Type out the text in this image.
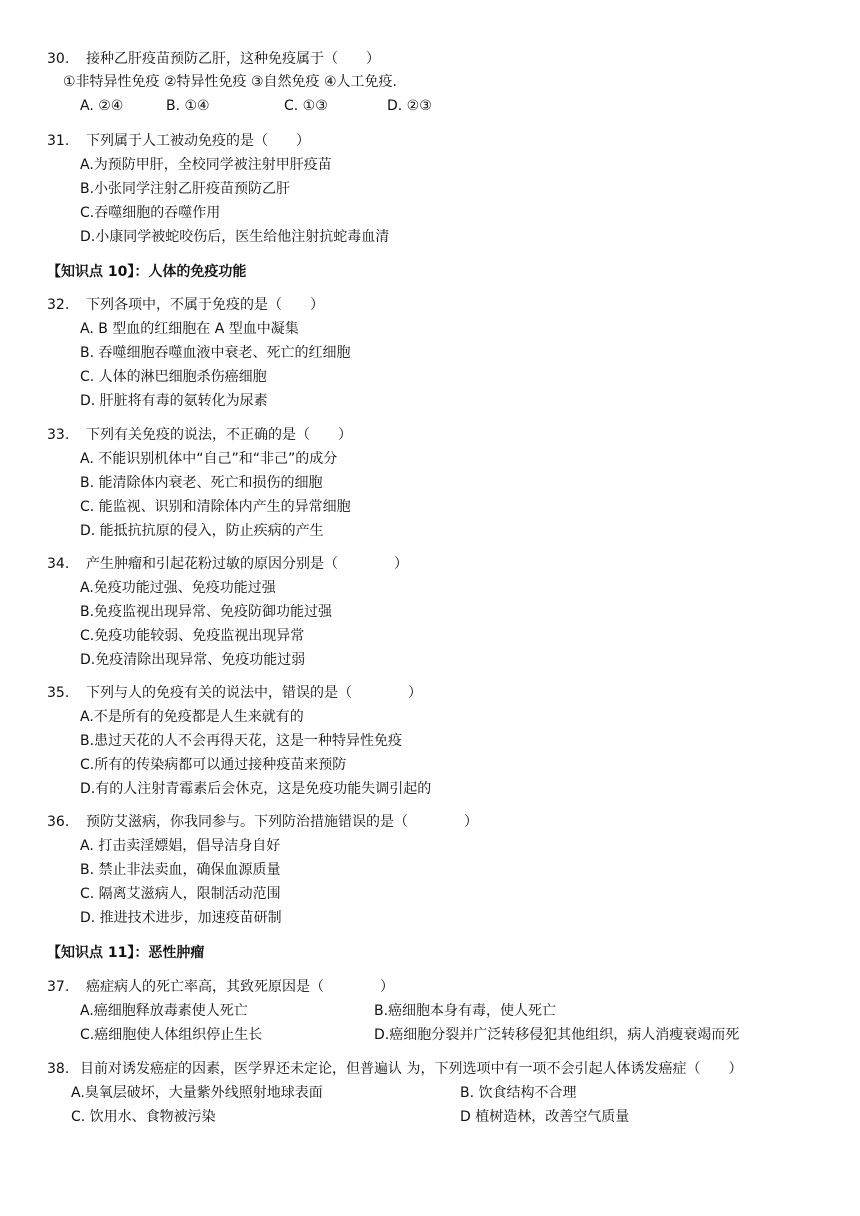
30. 接种乙肝疫苗预防乙肝，这种免疫属于（　　）
①非特异性免疫 ②特异性免疫 ③自然免疫 ④人工免疫.
A. ②④	B. ①④	C. ①③	D. ②③
31. 下列属于人工被动免疫的是（　　）
A.为预防甲肝，全校同学被注射甲肝疫苗
B.小张同学注射乙肝疫苗预防乙肝
C.吞噬细胞的吞噬作用
D.小康同学被蛇咬伤后，医生给他注射抗蛇毒血清
【知识点 10】：人体的免疫功能
32. 下列各项中，不属于免疫的是（　　）
A. B 型血的红细胞在 A 型血中凝集
B. 吞噬细胞吞噬血液中衰老、死亡的红细胞
C. 人体的淋巴细胞杀伤癌细胞
D. 肝脏将有毒的氨转化为尿素
33. 下列有关免疫的说法，不正确的是（　　）
A. 不能识别机体中“自己”和“非己”的成分
B. 能清除体内衰老、死亡和损伤的细胞
C. 能监视、识别和清除体内产生的异常细胞
D. 能抵抗抗原的侵入，防止疾病的产生
34. 产生肿瘤和引起花粉过敏的原因分别是（　　　　）
A.免疫功能过强、免疫功能过强
B.免疫监视出现异常、免疫防御功能过强
C.免疫功能较弱、免疫监视出现异常
D.免疫清除出现异常、免疫功能过弱
35. 下列与人的免疫有关的说法中，错误的是（　　　　）
A.不是所有的免疫都是人生来就有的
B.患过天花的人不会再得天花，这是一种特异性免疫
C.所有的传染病都可以通过接种疫苗来预防
D.有的人注射青霉素后会休克，这是免疫功能失调引起的
36. 预防艾滋病，你我同参与。下列防治措施错误的是（　　　　）
A. 打击卖淫嫖娼，倡导洁身自好
B. 禁止非法卖血，确保血源质量
C. 隔离艾滋病人，限制活动范围
D. 推进技术进步，加速疫苗研制
【知识点 11】：恶性肿瘤
37. 癌症病人的死亡率高，其致死原因是（　　　　）
A.癌细胞释放毒素使人死亡	B.癌细胞本身有毒，使人死亡
C.癌细胞使人体组织停止生长	D.癌细胞分裂并广泛转移侵犯其他组织，病人消瘦衰竭而死
38. 目前对诱发癌症的因素，医学界还未定论，但普遍认 为，下列选项中有一项不会引起人体诱发癌症（　　）
A.臭氧层破坏，大量紫外线照射地球表面	B. 饮食结构不合理
C. 饮用水、食物被污染	D 植树造林，改善空气质量
